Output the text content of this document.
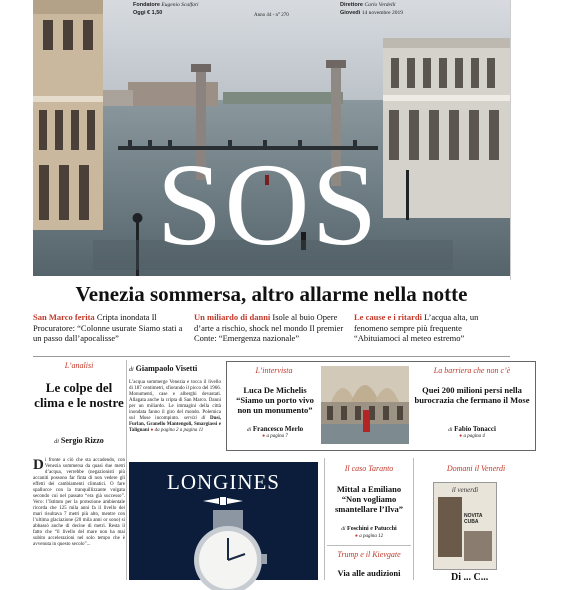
Fondatore Eugenio Scalfari
Oggi € 1,50	Anno 44 - n° 270
Direttore Carlo Verdelli
Giovedì 14 novembre 2019
SOS
Venezia sommersa, altro allarme nella notte
San Marco ferita Cripta inondata Il Procuratore: “Colonne usurate Siamo stati a un passo dall’apocalisse”
Un miliardo di danni Isole al buio Opere d’arte a rischio, shock nel mondo Il premier Conte: “Emergenza nazionale”
Le cause e i ritardi L’acqua alta, un fenomeno sempre più frequente “Abituiamoci al meteo estremo”
L’analisi
Le colpe del clima e le nostre
di Sergio Rizzo
Di fronte a ciò che sta accadendo, con Venezia sommersa da quasi due metri d’acqua, verrebbe (negazionisti più accaniti possono far finta di non vedere gli effetti dei cambiamenti climatici. O fare spallucce con la tranquillizzante vulgata secondo cui nel passato “era già successo”. Vero: l’Istituto per la protezione ambientale ricorda che 125 mila anni fa il livello dei mari risultava 7 metri più alto, mentre con l’ultima glaciazione (20 mila anni or sono) si abbassò anche di decine di metri. Resta il fatto che “il livello del mare non ha mai subito accelerazioni nel solo tempo che è avvenuta in questo secolo”...
di Giampaolo Visetti
L’acqua sommerge Venezia e tocca il livello di 187 centimetri, sfiorando il picco del 1966. Monumenti, case e alberghi devastati. Allagata anche la cripta di San Marco. Danni per un miliardo. Le immagini della città inondata fanno il giro del mondo. Polemica sul Mose incompiuto. servizi di Dusi, Furlan, Granello Mantengoli, Smargiassi e Talignani ● da pagina 2 a pagina 11
L’intervista
Luca De Michelis “Siamo un porto vivo non un monumento”
di Francesco Merlo
● a pagina 7
La barriera che non c’è
Quei 200 milioni persi nella burocrazia che fermano il Mose
di Fabio Tonacci
● a pagina 4
LONGINES
Il caso Taranto
Mittal a Emiliano “Non vogliamo smantellare l’Ilva”
di Foschini e Patucchi
● a pagina 12
Trump e il Kievgate
Via alle audizioni
Domani il Venerdì
il venerdì
NOVITA CUBA
Di ... C...
